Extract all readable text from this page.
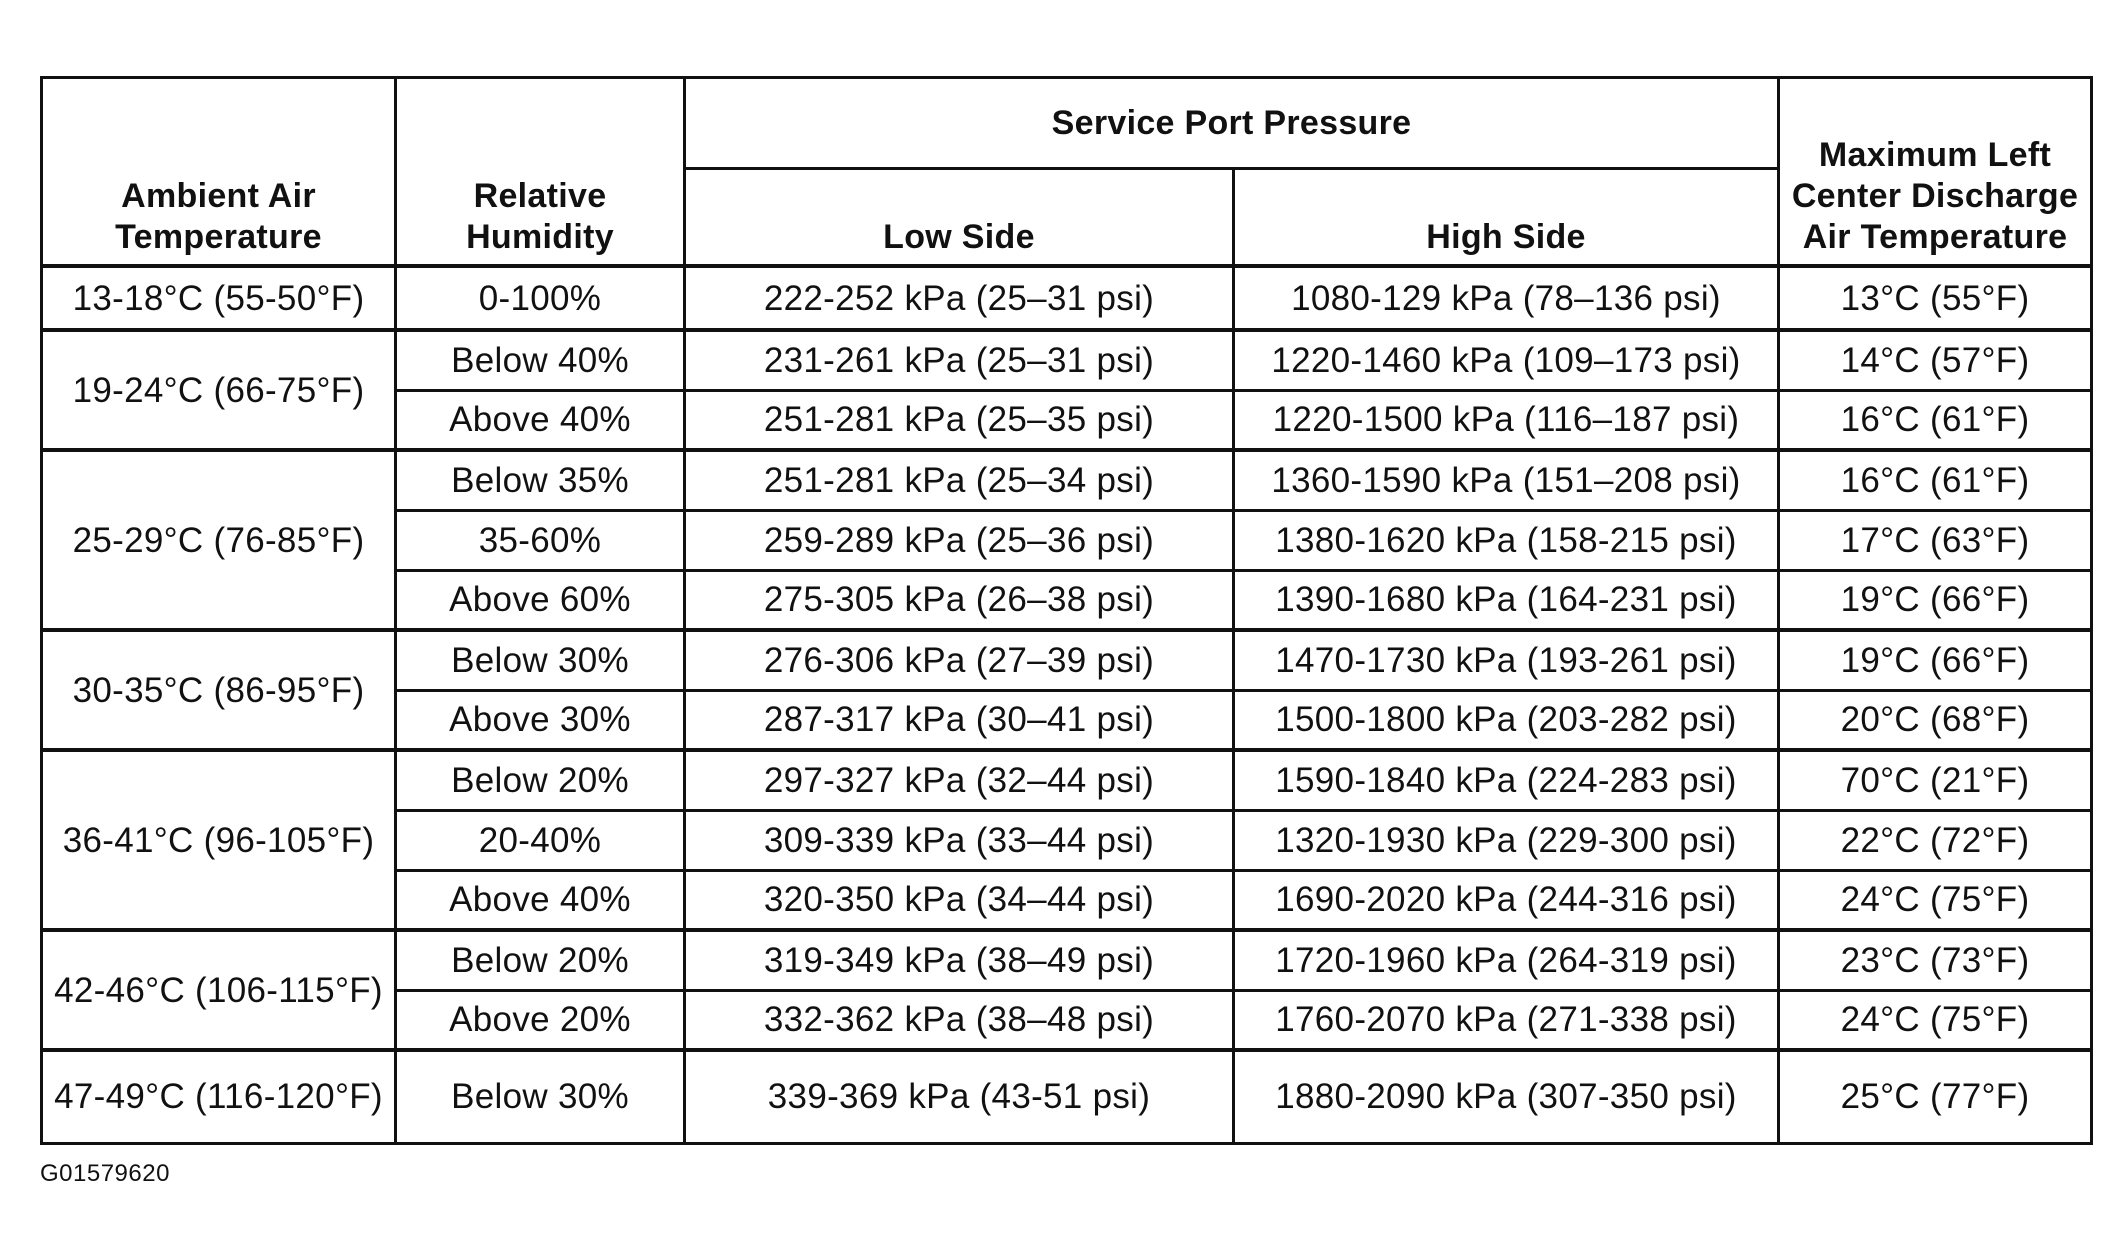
Ambient Air Temperature	Relative Humidity	Service Port Pressure		Maximum Left Center Discharge Air Temperature
		Low Side	High Side	
13-18°C (55-50°F)	0-100%	222-252 kPa (25–31 psi)	1080-129 kPa (78–136 psi)	13°C (55°F)
19-24°C (66-75°F)	Below 40%	231-261 kPa (25–31 psi)	1220-1460 kPa (109–173 psi)	14°C (57°F)
	Above 40%	251-281 kPa (25–35 psi)	1220-1500 kPa (116–187 psi)	16°C (61°F)
25-29°C (76-85°F)	Below 35%	251-281 kPa (25–34 psi)	1360-1590 kPa (151–208 psi)	16°C (61°F)
	35-60%	259-289 kPa (25–36 psi)	1380-1620 kPa (158-215 psi)	17°C (63°F)
	Above 60%	275-305 kPa (26–38 psi)	1390-1680 kPa (164-231 psi)	19°C (66°F)
30-35°C (86-95°F)	Below 30%	276-306 kPa (27–39 psi)	1470-1730 kPa (193-261 psi)	19°C (66°F)
	Above 30%	287-317 kPa (30–41 psi)	1500-1800 kPa (203-282 psi)	20°C (68°F)
36-41°C (96-105°F)	Below 20%	297-327 kPa (32–44 psi)	1590-1840 kPa (224-283 psi)	70°C (21°F)
	20-40%	309-339 kPa (33–44 psi)	1320-1930 kPa (229-300 psi)	22°C (72°F)
	Above 40%	320-350 kPa (34–44 psi)	1690-2020 kPa (244-316 psi)	24°C (75°F)
42-46°C (106-115°F)	Below 20%	319-349 kPa (38–49 psi)	1720-1960 kPa (264-319 psi)	23°C (73°F)
	Above 20%	332-362 kPa (38–48 psi)	1760-2070 kPa (271-338 psi)	24°C (75°F)
47-49°C (116-120°F)	Below 30%	339-369 kPa (43-51 psi)	1880-2090 kPa (307-350 psi)	25°C (77°F)
G01579620
